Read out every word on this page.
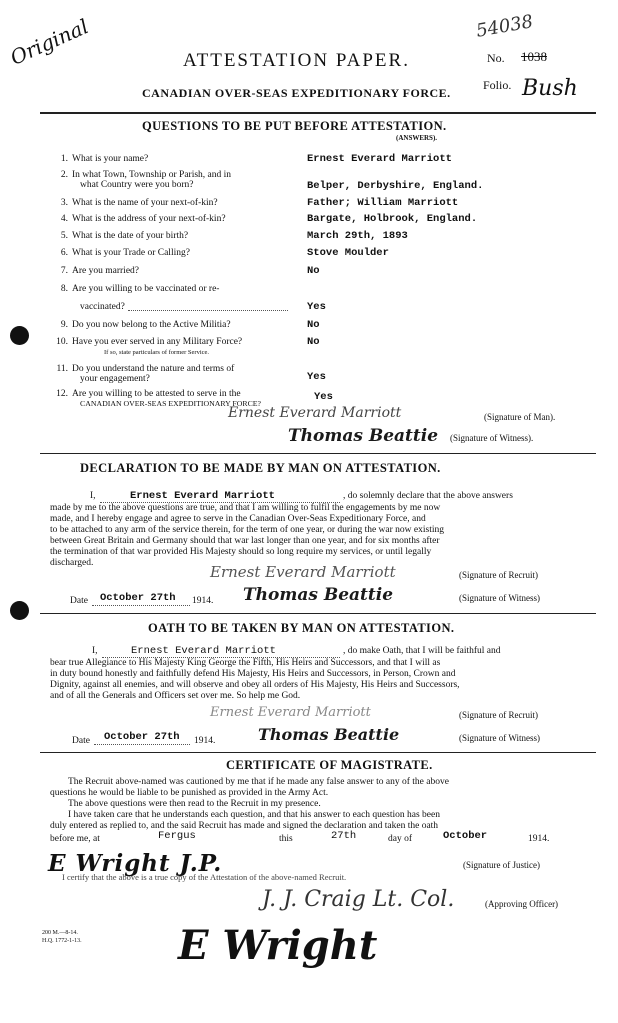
Original	ATTESTATION PAPER.
CANADIAN OVER-SEAS EXPEDITIONARY FORCE.
54038
No. 1038
Folio. Bush
QUESTIONS TO BE PUT BEFORE ATTESTATION.
(ANSWERS).
1. What is your name?	Ernest Everard Marriott
2. In what Town, Township or Parish, and in
what Country were you born?	Belper, Derbyshire, England.
3. What is the name of your next-of-kin?	Father; William Marriott
4. What is the address of your next-of-kin?	Bargate, Holbrook, England.
5. What is the date of your birth?	March 29th, 1893
6. What is your Trade or Calling?	Stove Moulder
7. Are you married?	No
8. Are you willing to be vaccinated or re-
vaccinated?	Yes
9. Do you now belong to the Active Militia?	No
10. Have you ever served in any Military Force?
If so, state particulars of former Service.
No
11. Do you understand the nature and terms of
your engagement?	Yes
12. Are you willing to be attested to serve in the
CANADIAN OVER-SEAS EXPEDITIONARY FORCE?
Yes
Ernest Everard Marriott	(Signature of Man).
Thomas Beattie (Signature of Witness).
DECLARATION TO BE MADE BY MAN ON ATTESTATION.
I,	Ernest Everard Marriott	, do solemnly declare that the above answers
made by me to the above questions are true, and that I am willing to fulfil the engagements by me now
made, and I hereby engage and agree to serve in the Canadian Over-Seas Expeditionary Force, and
to be attached to any arm of the service therein, for the term of one year, or during the war now existing
between Great Britain and Germany should that war last longer than one year, and for six months after
the termination of that war provided His Majesty should so long require my services, or until legally
discharged.	Ernest Everard Marriott	(Signature of Recruit)
Date October 27th 1914. Thomas Beattie	(Signature of Witness)
OATH TO BE TAKEN BY MAN ON ATTESTATION.
I,	Ernest Everard Marriott	, do make Oath, that I will be faithful and
bear true Allegiance to His Majesty King George the Fifth, His Heirs and Successors, and that I will as
in duty bound honestly and faithfully defend His Majesty, His Heirs and Successors, in Person, Crown and
Dignity, against all enemies, and will observe and obey all orders of His Majesty, His Heirs and Successors,
and of all the Generals and Officers set over me. So help me God.
Ernest Everard Marriott	(Signature of Recruit)
Date October 27th 1914.	Thomas Beattie	(Signature of Witness)
CERTIFICATE OF MAGISTRATE.
The Recruit above-named was cautioned by me that if he made any false answer to any of the above
questions he would be liable to be punished as provided in the Army Act.
The above questions were then read to the Recruit in my presence.
I have taken care that he understands each question, and that his answer to each question has been
duly entered as replied to, and the said Recruit has made and signed the declaration and taken the oath
before me, at	Fergus	this	27th	day of	October	1914.
E Wright J.P.	(Signature of Justice)
I certify that the above is a true copy of the Attestation of the above-named Recruit.
J. J. Craig Lt. Col.	(Approving Officer)
200 M.—8-14.
H.Q. 1772-1-13. E Wright
